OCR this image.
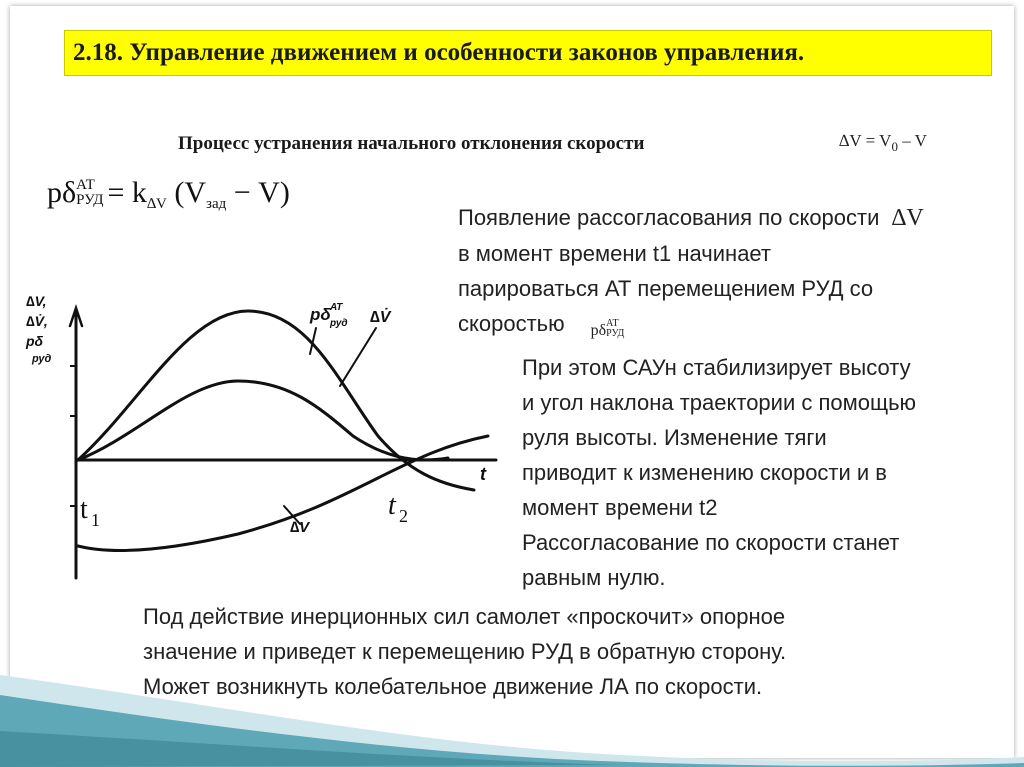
2.18. Управление движением и особенности законов управления.
Процесс устранения начального отклонения скорости	$\Delta V = V_0 - V$
pδ АТ
РУД = $k_{\Delta V}$ $(V_{зад} - V)$
Появление рассогласования по скорости ∆V
в момент времени t1 начинает
парироваться АТ перемещением РУД со
скоростью pδ АТ
РУД
При этом САУн стабилизирует высоту
и угол наклона траектории с помощью
руля высоты. Изменение тяги
приводит к изменению скорости и в
момент времени t2
Рассогласование по скорости станет
равным нулю.
Под действие инерционных сил самолет «проскочит» опорное
значение и приведет к перемещению РУД в обратную сторону.
Может возникнуть колебательное движение ЛА по скорости.
∆V,
∆V̇,
pδ
руд
pδ АТ
руд ∆V̇
∆V
t
t 1	t 2
